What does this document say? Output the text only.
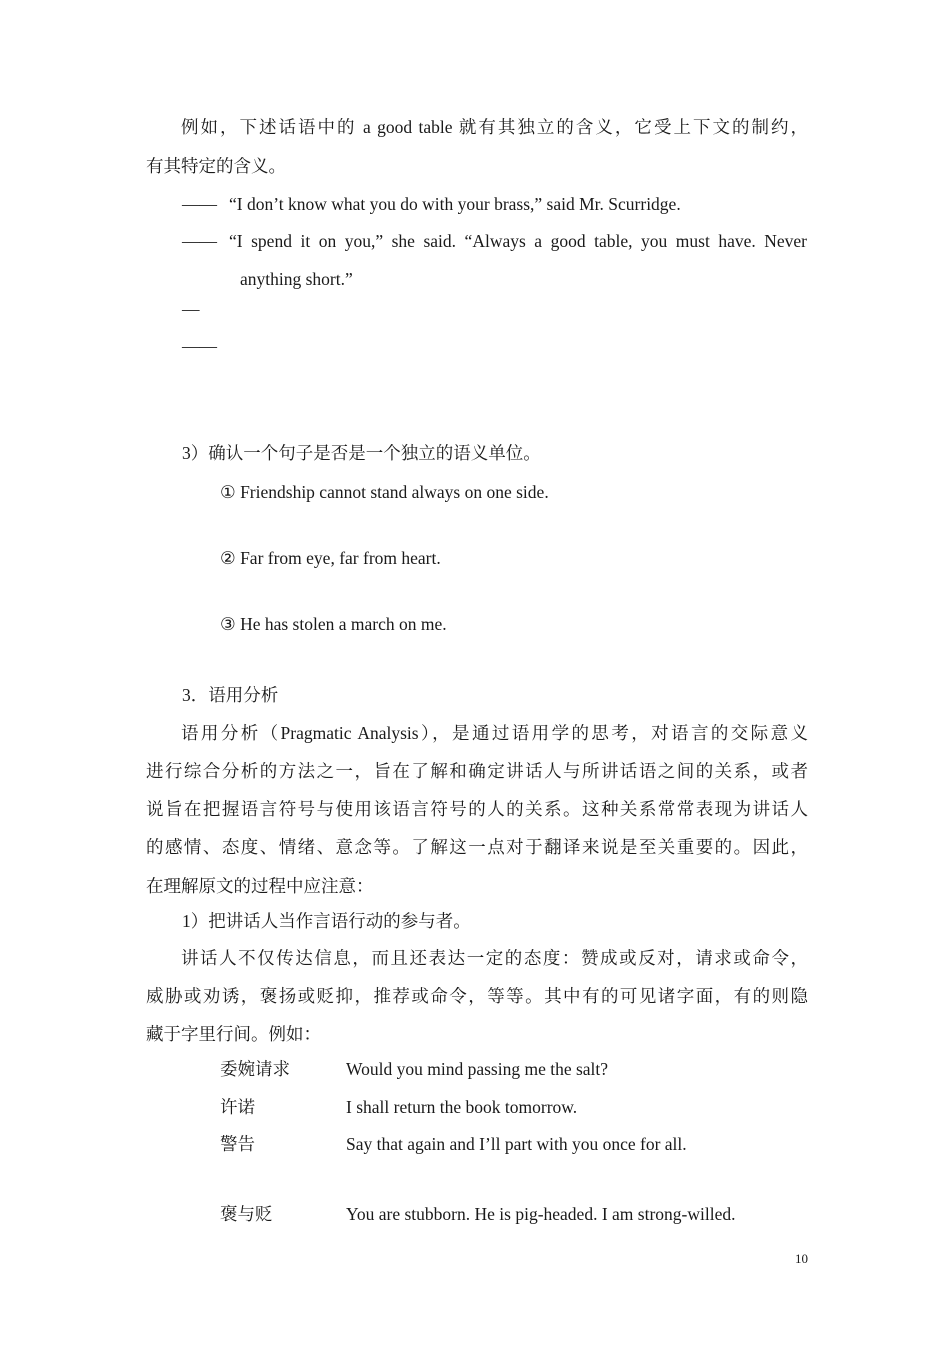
例如，下述话语中的 a good table 就有其独立的含义，它受上下文的制约，
有其特定的含义。
—— “I don’t know what you do with your brass,” said Mr. Scurridge.
—— “I spend it on you,” she said. “Always a good table, you must have. Never
anything short.”
—
——
3）确认一个句子是否是一个独立的语义单位。
① Friendship cannot stand always on one side.
② Far from eye, far from heart.
③ He has stolen a march on me.
3．语用分析
语用分析（Pragmatic Analysis），是通过语用学的思考，对语言的交际意义
进行综合分析的方法之一，旨在了解和确定讲话人与所讲话语之间的关系，或者
说旨在把握语言符号与使用该语言符号的人的关系。这种关系常常表现为讲话人
的感情、态度、情绪、意念等。了解这一点对于翻译来说是至关重要的。因此，
在理解原文的过程中应注意：
1）把讲话人当作言语行动的参与者。
讲话人不仅传达信息，而且还表达一定的态度：赞成或反对，请求或命令，
威胁或劝诱，褒扬或贬抑，推荐或命令，等等。其中有的可见诸字面，有的则隐
藏于字里行间。例如：
委婉请求	Would you mind passing me the salt?
许诺	I shall return the book tomorrow.
警告	Say that again and I’ll part with you once for all.
褒与贬	You are stubborn. He is pig-headed. I am strong-willed.
10
